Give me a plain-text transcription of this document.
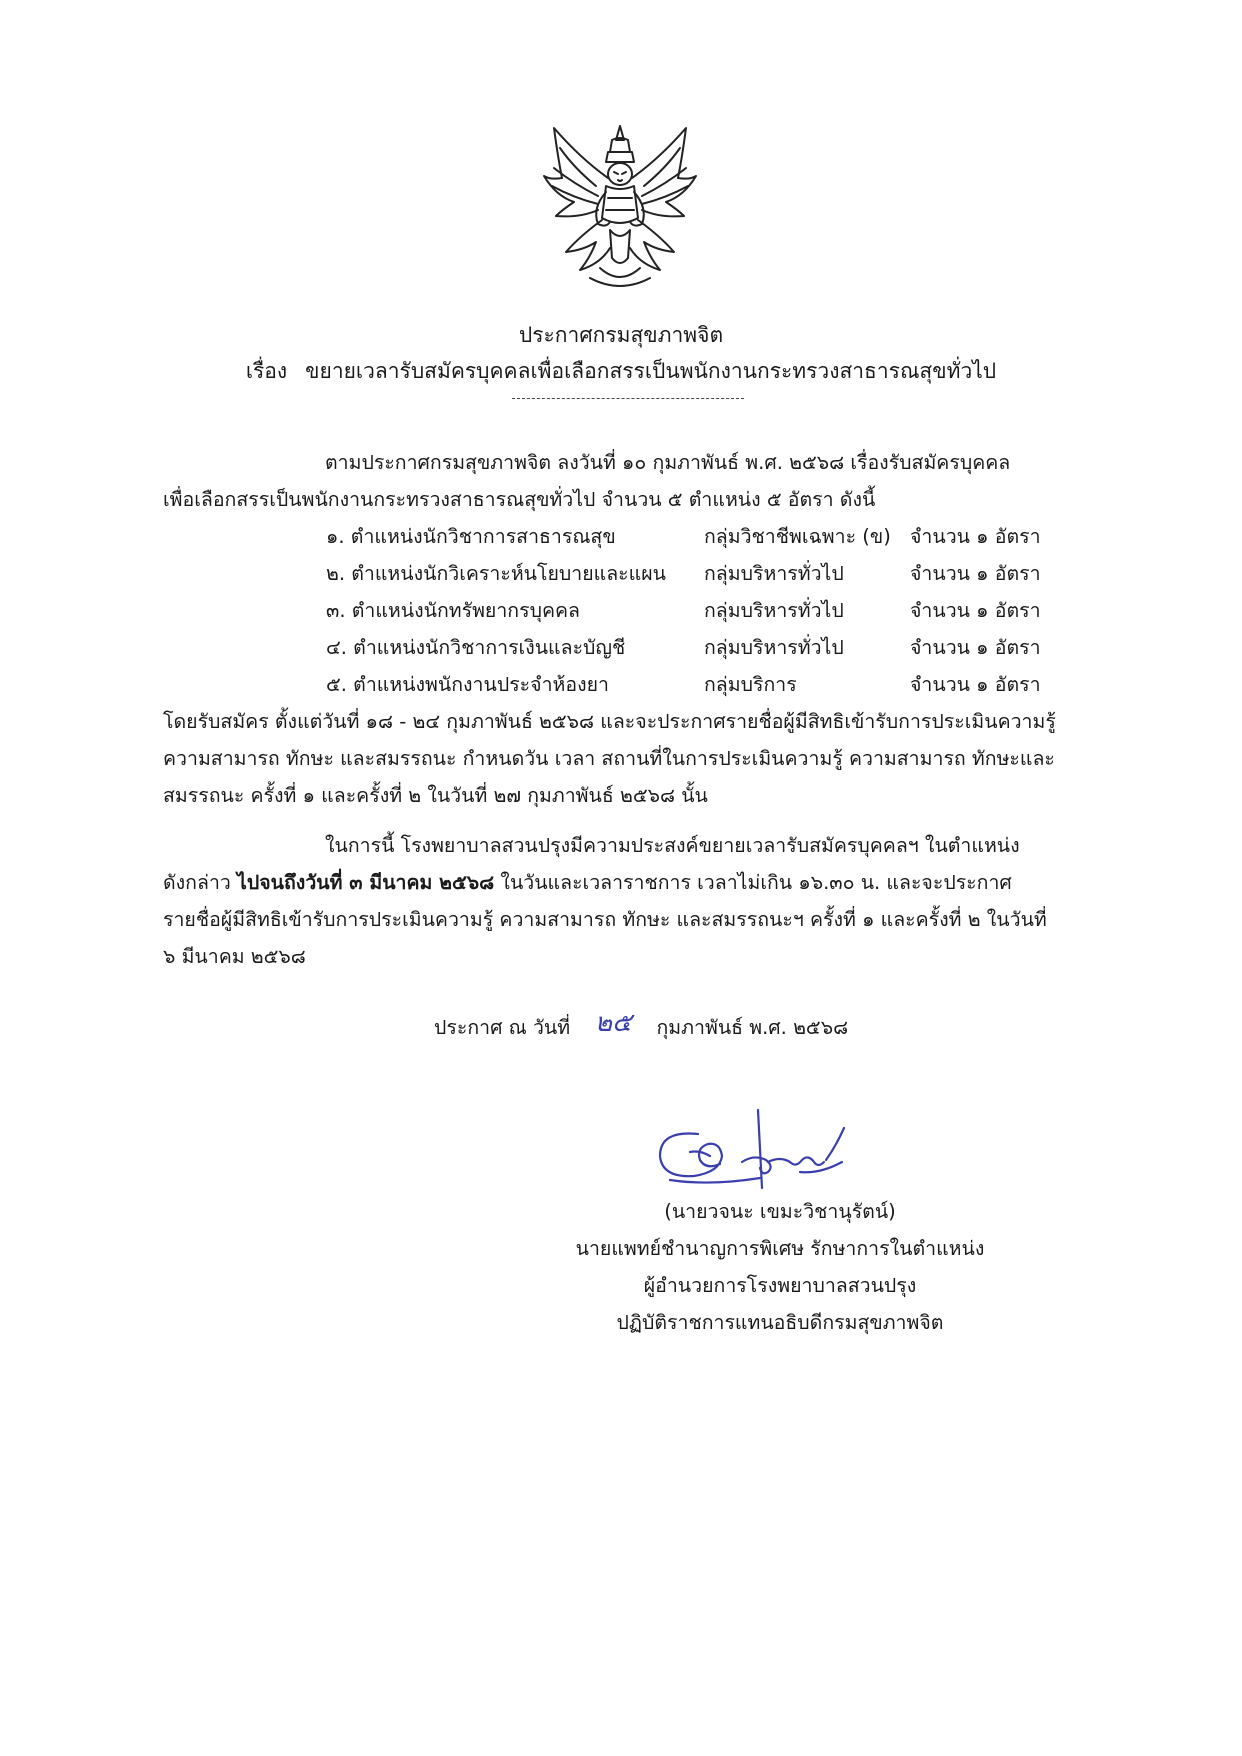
ประกาศกรมสุขภาพจิต
เรื่อง ขยายเวลารับสมัครบุคคลเพื่อเลือกสรรเป็นพนักงานกระทรวงสาธารณสุขทั่วไป
ตามประกาศกรมสุขภาพจิต ลงวันที่ ๑๐ กุมภาพันธ์ พ.ศ. ๒๕๖๘ เรื่องรับสมัครบุคคล
เพื่อเลือกสรรเป็นพนักงานกระทรวงสาธารณสุขทั่วไป จำนวน ๕ ตำแหน่ง ๕ อัตรา ดังนี้
๑. ตำแหน่งนักวิชาการสาธารณสุข	กลุ่มวิชาชีพเฉพาะ (ข) จำนวน ๑ อัตรา
๒. ตำแหน่งนักวิเคราะห์นโยบายและแผน	กลุ่มบริหารทั่วไป	จำนวน ๑ อัตรา
๓. ตำแหน่งนักทรัพยากรบุคคล	กลุ่มบริหารทั่วไป	จำนวน ๑ อัตรา
๔. ตำแหน่งนักวิชาการเงินและบัญชี	กลุ่มบริหารทั่วไป	จำนวน ๑ อัตรา
๕. ตำแหน่งพนักงานประจำห้องยา	กลุ่มบริการ	จำนวน ๑ อัตรา
โดยรับสมัคร ตั้งแต่วันที่ ๑๘ - ๒๔ กุมภาพันธ์ ๒๕๖๘ และจะประกาศรายชื่อผู้มีสิทธิเข้ารับการประเมินความรู้
ความสามารถ ทักษะ และสมรรถนะ กำหนดวัน เวลา สถานที่ในการประเมินความรู้ ความสามารถ ทักษะและ
สมรรถนะ ครั้งที่ ๑ และครั้งที่ ๒ ในวันที่ ๒๗ กุมภาพันธ์ ๒๕๖๘ นั้น
ในการนี้ โรงพยาบาลสวนปรุงมีความประสงค์ขยายเวลารับสมัครบุคคลฯ ในตำแหน่ง
ดังกล่าว ไปจนถึงวันที่ ๓ มีนาคม ๒๕๖๘ ในวันและเวลาราชการ เวลาไม่เกิน ๑๖.๓๐ น. และจะประกาศ
รายชื่อผู้มีสิทธิเข้ารับการประเมินความรู้ ความสามารถ ทักษะ และสมรรถนะฯ ครั้งที่ ๑ และครั้งที่ ๒ ในวันที่
๖ มีนาคม ๒๕๖๘
ประกาศ ณ วันที่ ๒๕ กุมภาพันธ์ พ.ศ. ๒๕๖๘
(นายวจนะ เขมะวิชานุรัตน์)
นายแพทย์ชำนาญการพิเศษ รักษาการในตำแหน่ง
ผู้อำนวยการโรงพยาบาลสวนปรุง
ปฏิบัติราชการแทนอธิบดีกรมสุขภาพจิต
